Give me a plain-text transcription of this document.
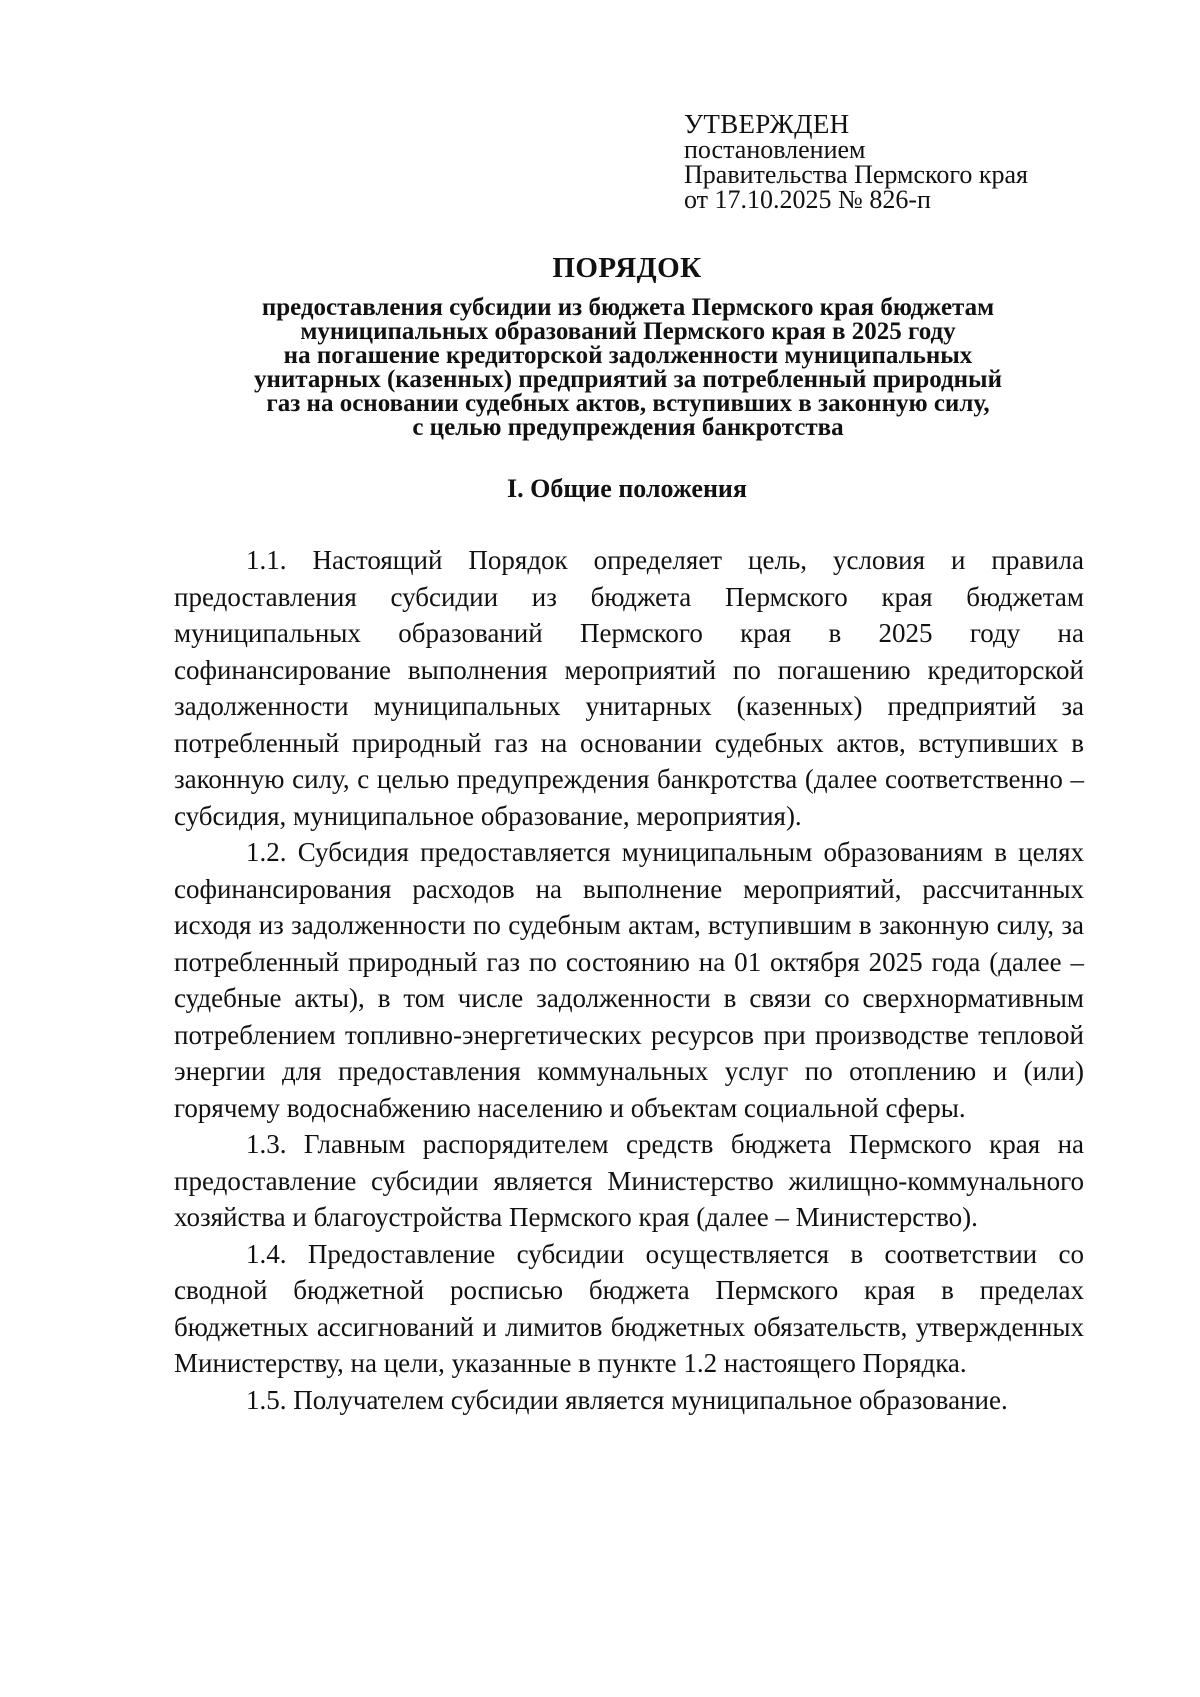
УТВЕРЖДЕН
постановлением
Правительства Пермского края
от 17.10.2025 № 826-п
ПОРЯДОК
предоставления субсидии из бюджета Пермского края бюджетам
муниципальных образований Пермского края в 2025 году
на погашение кредиторской задолженности муниципальных
унитарных (казенных) предприятий за потребленный природный
газ на основании судебных актов, вступивших в законную силу,
с целью предупреждения банкротства
I. Общие положения

1.1. Настоящий Порядок определяет цель, условия и правила предоставления субсидии из бюджета Пермского края бюджетам муниципальных образований Пермского края в 2025 году на софинансирование выполнения мероприятий по погашению кредиторской задолженности муниципальных унитарных (казенных) предприятий за потребленный природный газ на основании судебных актов, вступивших в законную силу, с целью предупреждения банкротства (далее соответственно – субсидия, муниципальное образование, мероприятия).

1.2. Субсидия предоставляется муниципальным образованиям в целях софинансирования расходов на выполнение мероприятий, рассчитанных исходя из задолженности по судебным актам, вступившим в законную силу, за потребленный природный газ по состоянию на 01 октября 2025 года (далее – судебные акты), в том числе задолженности в связи со сверхнормативным потреблением топливно-энергетических ресурсов при производстве тепловой энергии для предоставления коммунальных услуг по отоплению и (или) горячему водоснабжению населению и объектам социальной сферы.

1.3. Главным распорядителем средств бюджета Пермского края на предоставление субсидии является Министерство жилищно-коммунального хозяйства и благоустройства Пермского края (далее – Министерство).

1.4. Предоставление субсидии осуществляется в соответствии со сводной бюджетной росписью бюджета Пермского края в пределах бюджетных ассигнований и лимитов бюджетных обязательств, утвержденных Министерству, на цели, указанные в пункте 1.2 настоящего Порядка.

1.5. Получателем субсидии является муниципальное образование.
